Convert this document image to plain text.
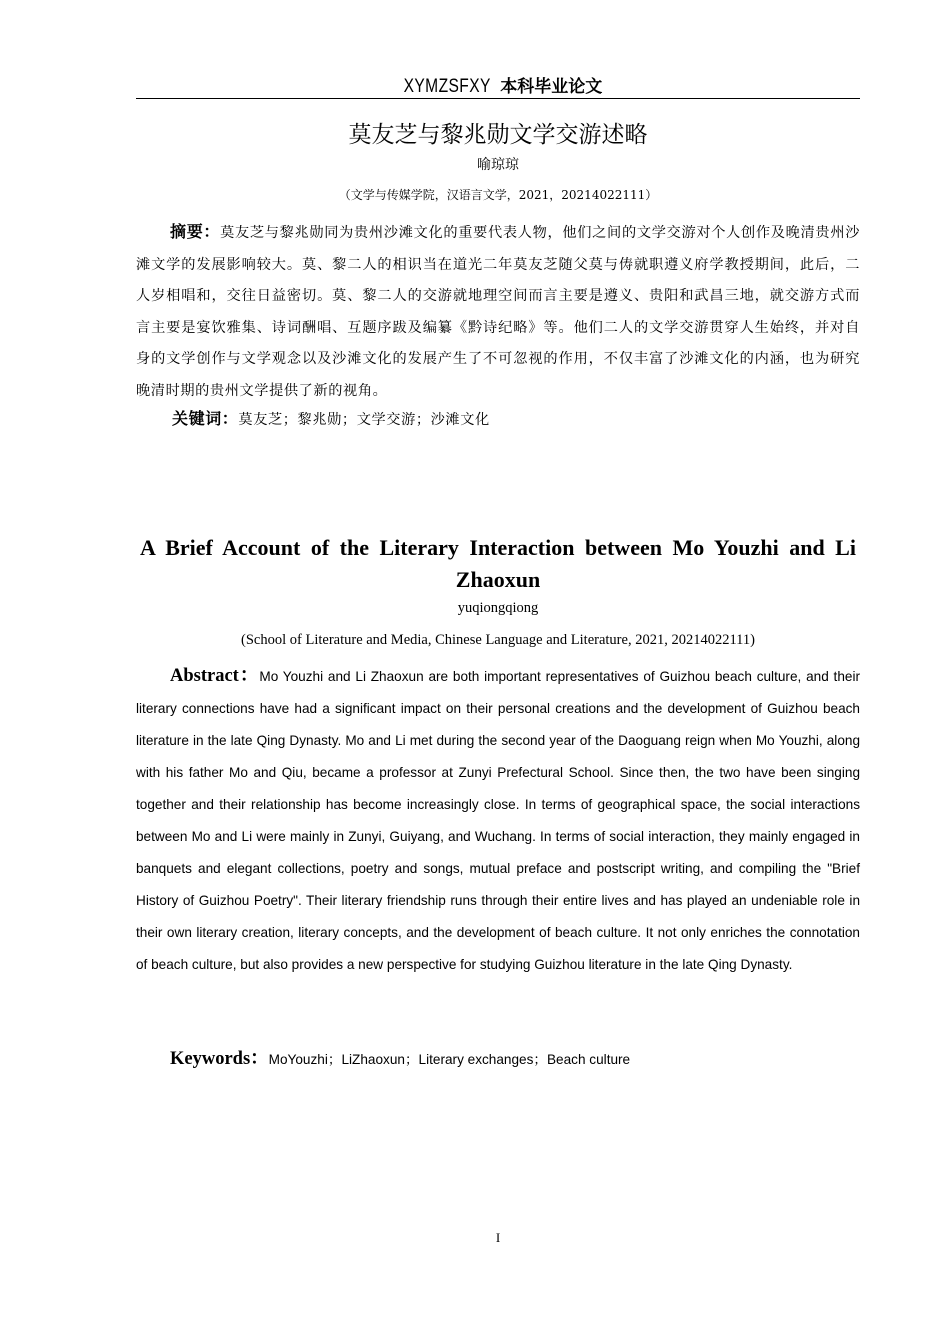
XYMZSFXY 本科毕业论文
莫友芝与黎兆勋文学交游述略
喻琼琼
（文学与传媒学院，汉语言文学，2021，20214022111）

摘要：莫友芝与黎兆勋同为贵州沙滩文化的重要代表人物，他们之间的文学交游对个人创作及晚清贵州沙滩文学的发展影响较大。莫、黎二人的相识当在道光二年莫友芝随父莫与俦就职遵义府学教授期间，此后，二人岁相唱和，交往日益密切。莫、黎二人的交游就地理空间而言主要是遵义、贵阳和武昌三地，就交游方式而言主要是宴饮雅集、诗词酬唱、互题序跋及编纂《黔诗纪略》等。他们二人的文学交游贯穿人生始终，并对自身的文学创作与文学观念以及沙滩文化的发展产生了不可忽视的作用，不仅丰富了沙滩文化的内涵，也为研究晚清时期的贵州文学提供了新的视角。

关键词：莫友芝；黎兆勋；文学交游；沙滩文化

A Brief Account of the Literary Interaction between Mo Youzhi and Li Zhaoxun

yuqiongqiong
(School of Literature and Media, Chinese Language and Literature, 2021, 20214022111)

Abstract：Mo Youzhi and Li Zhaoxun are both important representatives of Guizhou beach culture, and their literary connections have had a significant impact on their personal creations and the development of Guizhou beach literature in the late Qing Dynasty. Mo and Li met during the second year of the Daoguang reign when Mo Youzhi, along with his father Mo and Qiu, became a professor at Zunyi Prefectural School. Since then, the two have been singing together and their relationship has become increasingly close. In terms of geographical space, the social interactions between Mo and Li were mainly in Zunyi, Guiyang, and Wuchang. In terms of social interaction, they mainly engaged in banquets and elegant collections, poetry and songs, mutual preface and postscript writing, and compiling the "Brief History of Guizhou Poetry". Their literary friendship runs through their entire lives and has played an undeniable role in their own literary creation, literary concepts, and the development of beach culture. It not only enriches the connotation of beach culture, but also provides a new perspective for studying Guizhou literature in the late Qing Dynasty.

Keywords：MoYouzhi；LiZhaoxun；Literary exchanges；Beach culture
I
